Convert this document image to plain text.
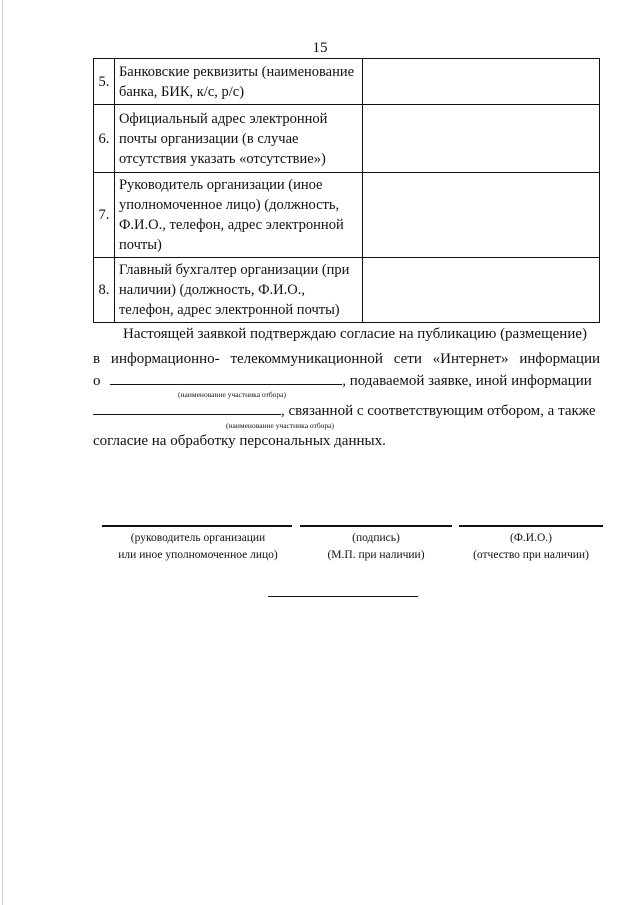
15
5.	Банковские реквизиты (наименование банка, БИК, к/с, р/с)	
6.	Официальный адрес электронной почты организации (в случае отсутствия указать «отсутствие»)	
7.	Руководитель организации (иное уполномоченное лицо) (должность, Ф.И.О., телефон, адрес электронной почты)	
8.	Главный бухгалтер организации (при наличии) (должность, Ф.И.О., телефон, адрес электронной почты)	
Настоящей заявкой подтверждаю согласие на публикацию (размещение)
в информационно- телекоммуникационной сети «Интернет» информации
о	, подаваемой заявке, иной информации
(наименование участника отбора)
, связанной с соответствующим отбором, а также
(наименование участника отбора)
согласие на обработку персональных данных.
(руководитель организации
или иное уполномоченное лицо)
(подпись)
(М.П. при наличии)
(Ф.И.О.)
(отчество при наличии)
